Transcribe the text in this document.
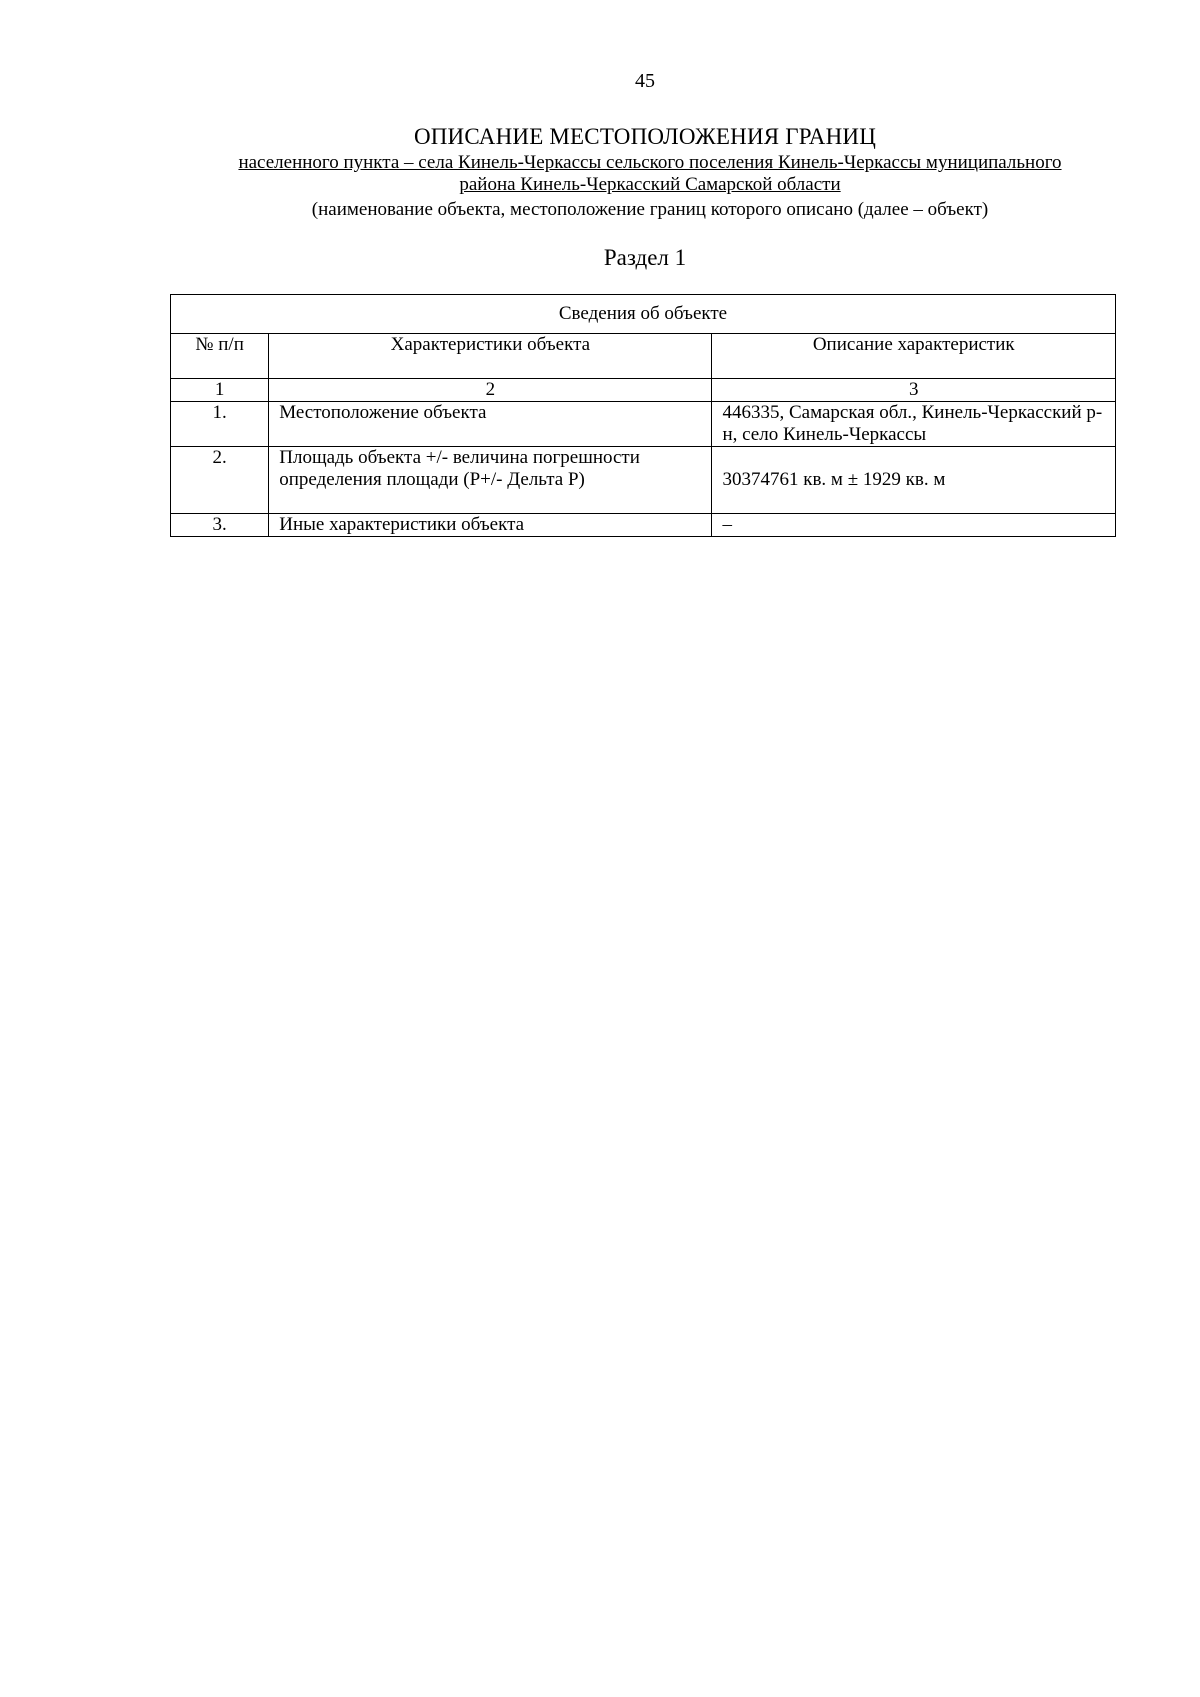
45
ОПИСАНИЕ МЕСТОПОЛОЖЕНИЯ ГРАНИЦ
населенного пункта – села Кинель-Черкассы сельского поселения Кинель-Черкассы муниципального
района Кинель-Черкасский Самарской области
(наименование объекта, местоположение границ которого описано (далее – объект)
Раздел 1
Сведения об объекте		
№ п/п	Характеристики объекта	Описание характеристик
1	2	3
1.	Местоположение объекта	446335, Самарская обл., Кинель-Черкасский р-н, село Кинель-Черкассы
2.	Площадь объекта +/- величина погрешности определения площади (Р+/- Дельта Р)	30374761 кв. м ± 1929 кв. м
3.	Иные характеристики объекта	–
